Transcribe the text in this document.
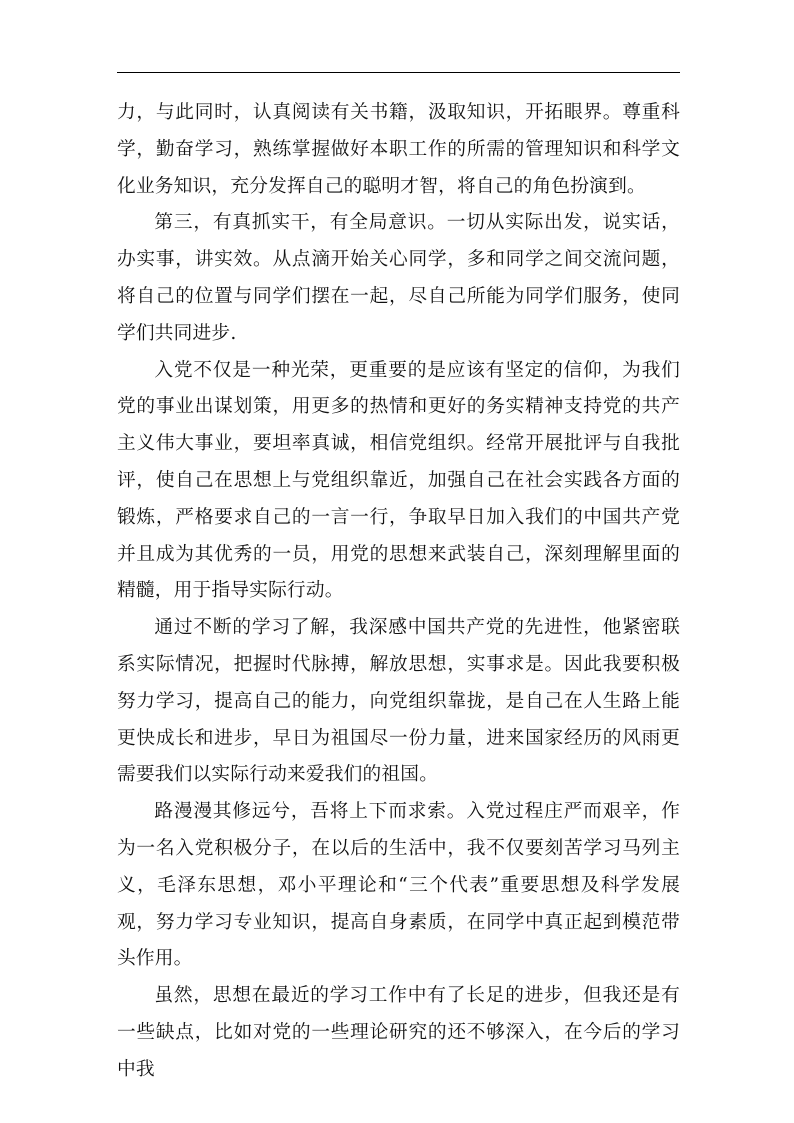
力，与此同时，认真阅读有关书籍，汲取知识，开拓眼界。尊重科学，勤奋学习，熟练掌握做好本职工作的所需的管理知识和科学文化业务知识，充分发挥自己的聪明才智，将自己的角色扮演到。

第三，有真抓实干，有全局意识。一切从实际出发，说实话，办实事，讲实效。从点滴开始关心同学，多和同学之间交流问题，将自己的位置与同学们摆在一起，尽自己所能为同学们服务，使同学们共同进步.

入党不仅是一种光荣，更重要的是应该有坚定的信仰，为我们党的事业出谋划策，用更多的热情和更好的务实精神支持党的共产主义伟大事业，要坦率真诚，相信党组织。经常开展批评与自我批评，使自己在思想上与党组织靠近，加强自己在社会实践各方面的锻炼，严格要求自己的一言一行，争取早日加入我们的中国共产党并且成为其优秀的一员，用党的思想来武装自己，深刻理解里面的精髓，用于指导实际行动。

通过不断的学习了解，我深感中国共产党的先进性，他紧密联系实际情况，把握时代脉搏，解放思想，实事求是。因此我要积极努力学习，提高自己的能力，向党组织靠拢，是自己在人生路上能更快成长和进步，早日为祖国尽一份力量，进来国家经历的风雨更需要我们以实际行动来爱我们的祖国。

路漫漫其修远兮，吾将上下而求索。入党过程庄严而艰辛，作为一名入党积极分子，在以后的生活中，我不仅要刻苦学习马列主义，毛泽东思想，邓小平理论和“三个代表”重要思想及科学发展观，努力学习专业知识，提高自身素质，在同学中真正起到模范带头作用。

虽然，思想在最近的学习工作中有了长足的进步，但我还是有一些缺点，比如对党的一些理论研究的还不够深入，在今后的学习中我
